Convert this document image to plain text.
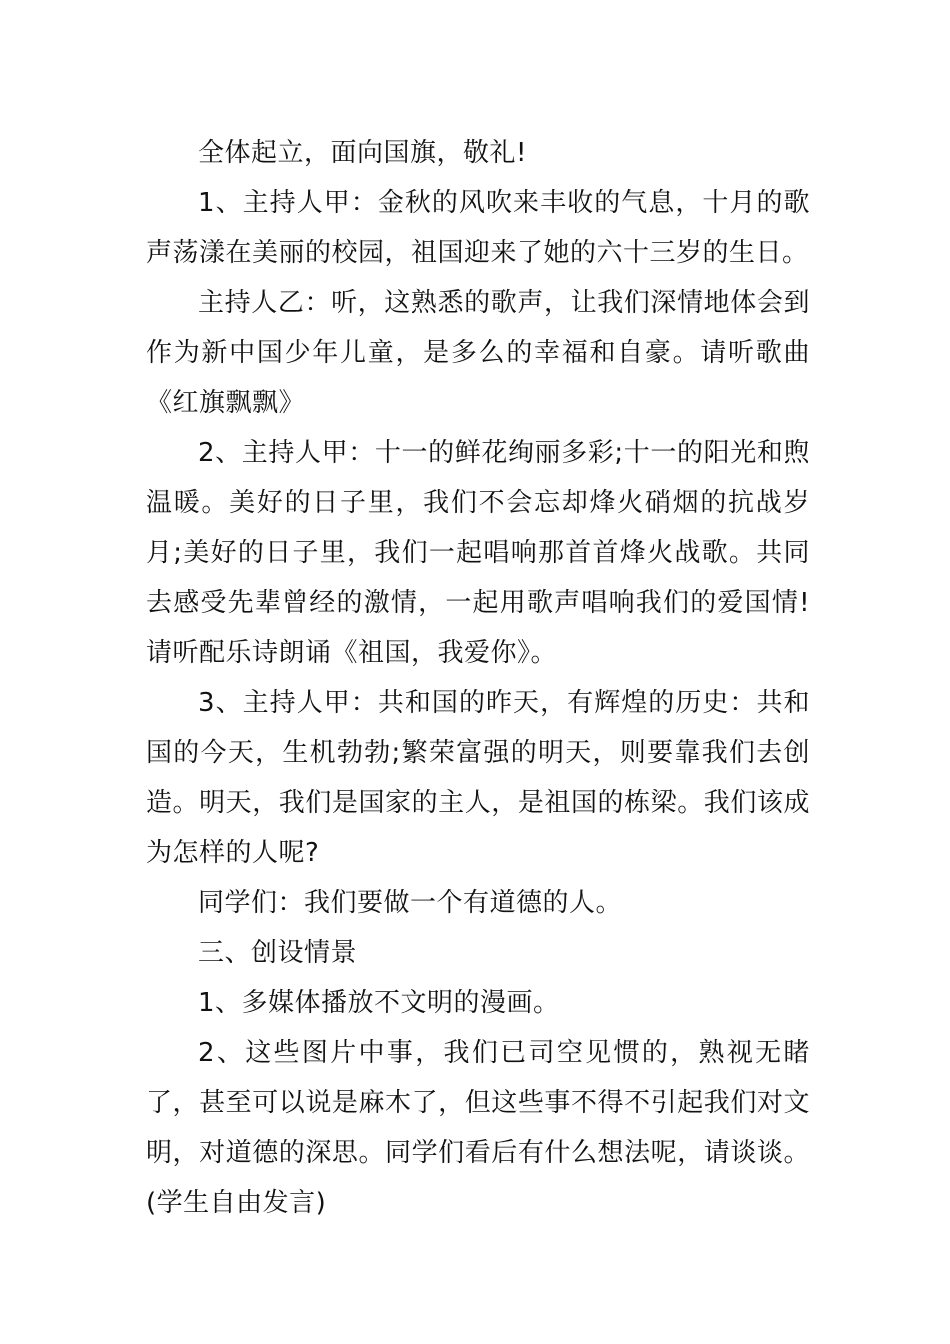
全体起立，面向国旗，敬礼!

1、主持人甲：金秋的风吹来丰收的气息，十月的歌声荡漾在美丽的校园，祖国迎来了她的六十三岁的生日。

主持人乙：听，这熟悉的歌声，让我们深情地体会到作为新中国少年儿童，是多么的幸福和自豪。请听歌曲《红旗飘飘》

2、主持人甲：十一的鲜花绚丽多彩;十一的阳光和煦温暖。美好的日子里，我们不会忘却烽火硝烟的抗战岁月;美好的日子里，我们一起唱响那首首烽火战歌。共同去感受先辈曾经的激情，一起用歌声唱响我们的爱国情!请听配乐诗朗诵《祖国，我爱你》。

3、主持人甲：共和国的昨天，有辉煌的历史：共和国的今天，生机勃勃;繁荣富强的明天，则要靠我们去创造。明天，我们是国家的主人，是祖国的栋梁。我们该成为怎样的人呢?

同学们：我们要做一个有道德的人。

三、创设情景

1、多媒体播放不文明的漫画。

2、这些图片中事，我们已司空见惯的，熟视无睹了，甚至可以说是麻木了，但这些事不得不引起我们对文明，对道德的深思。同学们看后有什么想法呢，请谈谈。(学生自由发言)
